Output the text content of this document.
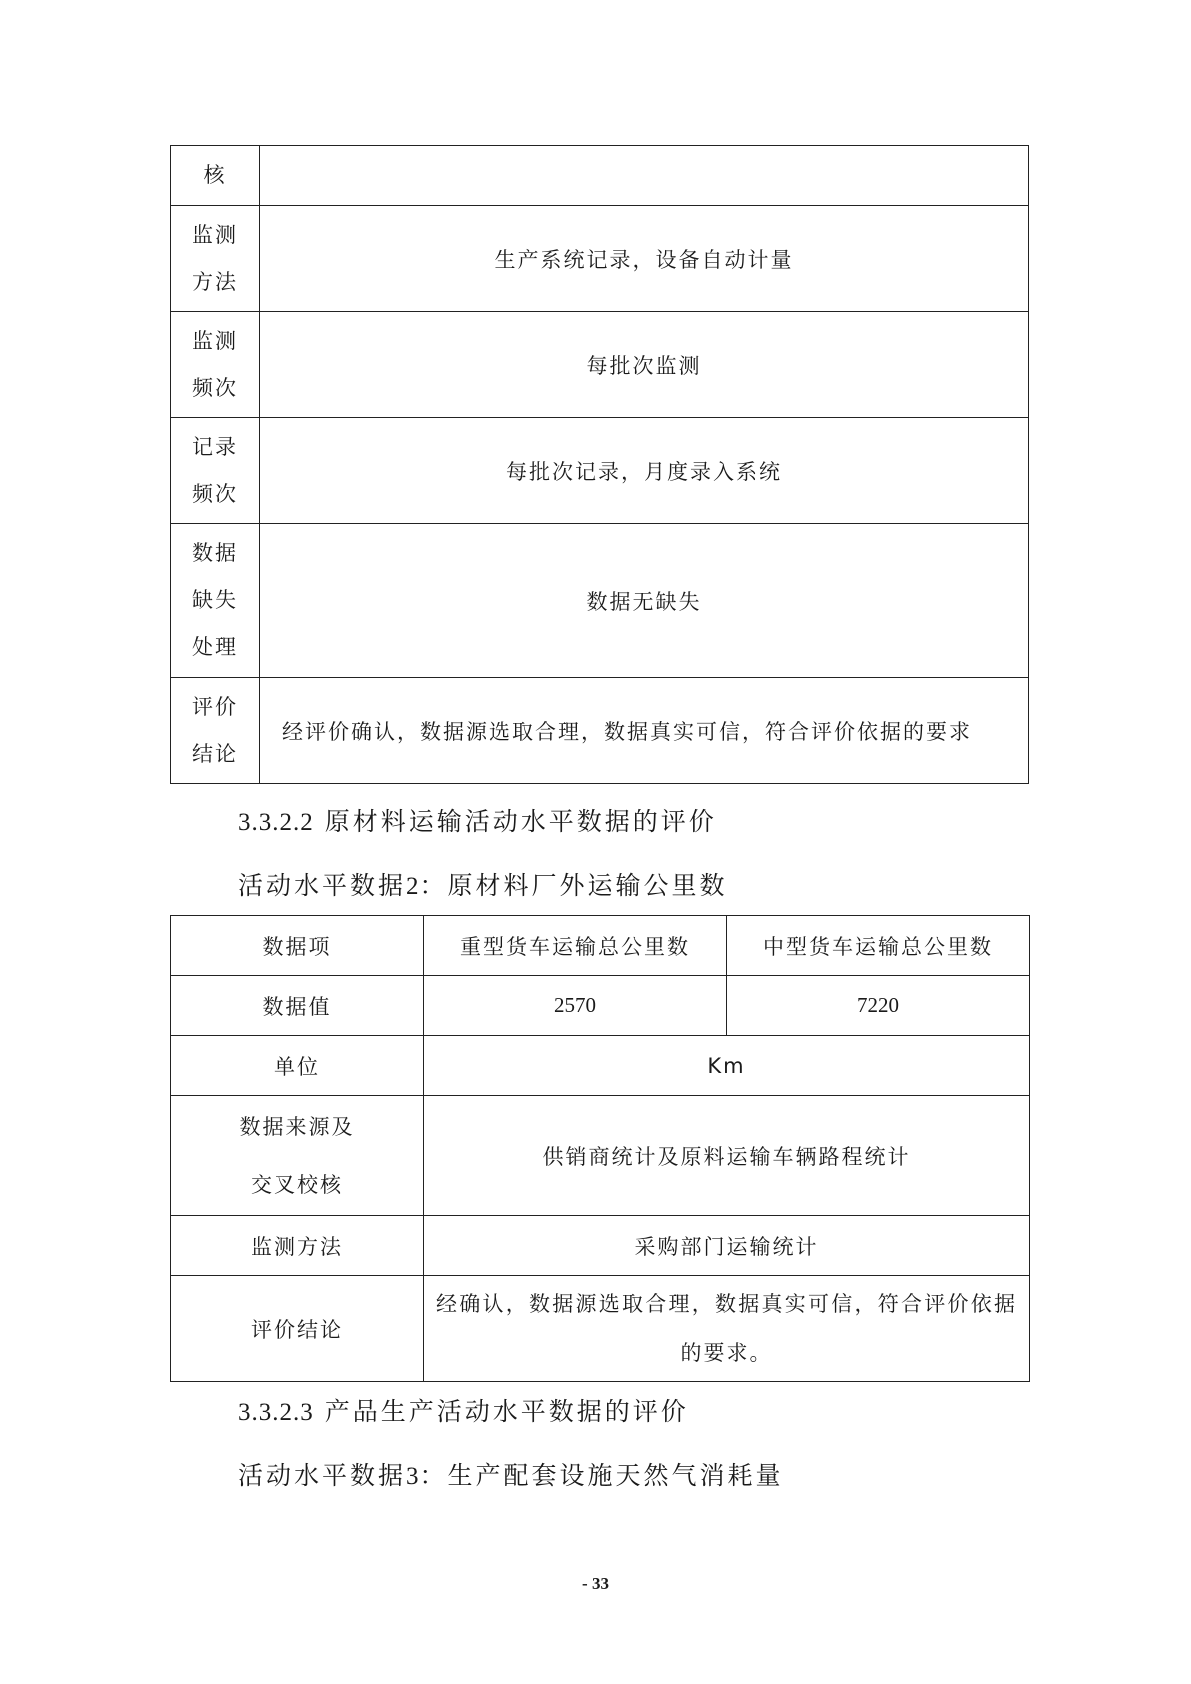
核	
监测
方法	生产系统记录，设备自动计量
监测
频次	每批次监测
记录
频次	每批次记录，月度录入系统
数据
缺失
处理	数据无缺失
评价
结论	经评价确认，数据源选取合理，数据真实可信，符合评价依据的要求
3.3.2.2 原材料运输活动水平数据的评价
活动水平数据2：原材料厂外运输公里数
数据项	重型货车运输总公里数	中型货车运输总公里数
数据值	2570	7220
单位	Km	
数据来源及
交叉校核	供销商统计及原料运输车辆路程统计	
监测方法	采购部门运输统计	
评价结论	经确认，数据源选取合理，数据真实可信，符合评价依据的要求。	
3.3.2.3 产品生产活动水平数据的评价
活动水平数据3：生产配套设施天然气消耗量
- 33
